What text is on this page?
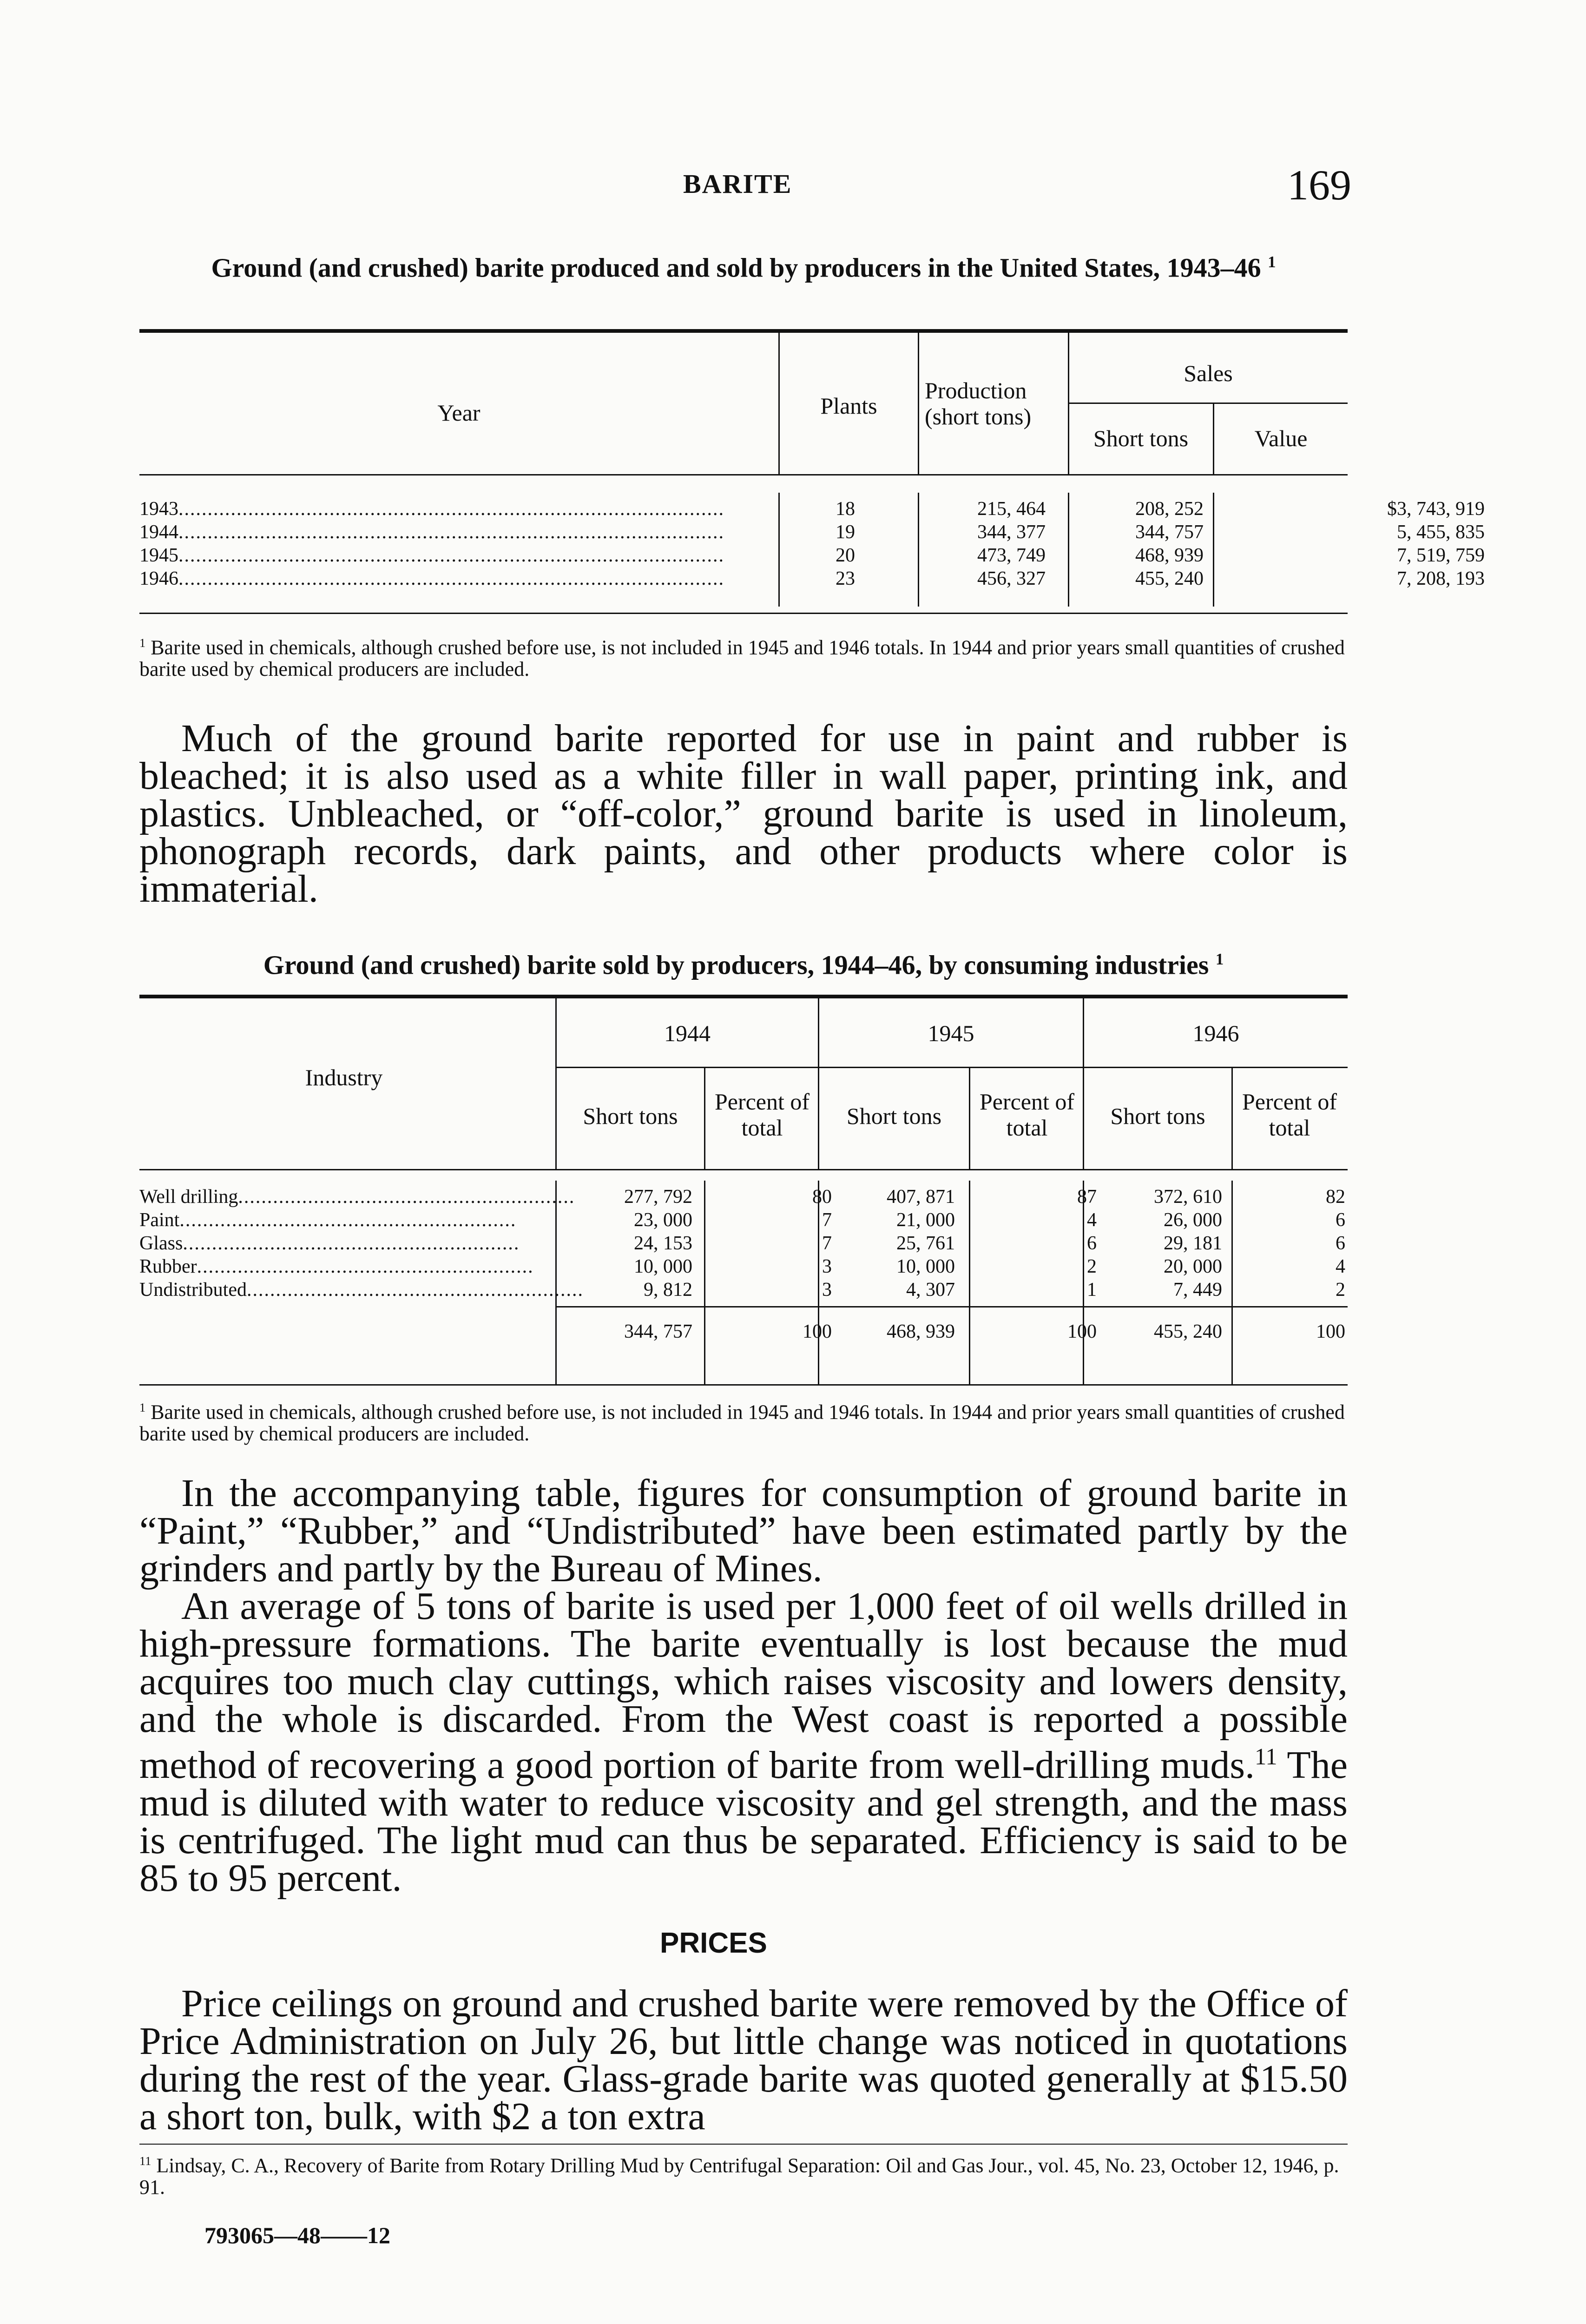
BARITE	169
Ground (and crushed) barite produced and sold by producers in the United States, 1943–46 $^1$
Year	Plants
Production (short tons)
Sales
Short tons	Value
1943..............................................................................................	18	215, 464	208, 252	$3, 743, 919
1944..............................................................................................	19	344, 377	344, 757	5, 455, 835
1945..............................................................................................	20	473, 749	468, 939	7, 519, 759
1946..............................................................................................	23	456, 327	455, 240	7, 208, 193
$^1$ Barite used in chemicals, although crushed before use, is not included in 1945 and 1946 totals. In 1944 and prior years small quantities of crushed barite used by chemical producers are included.
Much of the ground barite reported for use in paint and rubber is bleached; it is also used as a white filler in wall paper, printing ink, and plastics. Unbleached, or “off-color,” ground barite is used in linoleum, phonograph records, dark paints, and other products where color is immaterial.
Ground (and crushed) barite sold by producers, 1944–46, by consuming industries $^1$
Industry
1944	1945	1946
Short tons
Percent of total	Short tons
Percent of total	Short tons
Percent of total
Well drilling..........................................................	277, 792	80	407, 871	87	372, 610	82
Paint..........................................................	23, 000	7	21, 000	4	26, 000	6
Glass..........................................................	24, 153	7	25, 761	6	29, 181	6
Rubber..........................................................	10, 000	3	10, 000	2	20, 000	4
Undistributed..........................................................	9, 812	3	4, 307	1	7, 449	2
344, 757	100	468, 939	100	455, 240	100
$^1$ Barite used in chemicals, although crushed before use, is not included in 1945 and 1946 totals. In 1944 and prior years small quantities of crushed barite used by chemical producers are included.
In the accompanying table, figures for consumption of ground barite in “Paint,” “Rubber,” and “Undistributed” have been estimated partly by the grinders and partly by the Bureau of Mines.
An average of 5 tons of barite is used per 1,000 feet of oil wells drilled in high-pressure formations. The barite eventually is lost because the mud acquires too much clay cuttings, which raises viscosity and lowers density, and the whole is discarded. From the West coast is reported a possible method of recovering a good portion of barite from well-drilling muds.$^{11}$ The mud is diluted with water to reduce viscosity and gel strength, and the mass is centrifuged. The light mud can thus be separated. Efficiency is said to be 85 to 95 percent.
PRICES
Price ceilings on ground and crushed barite were removed by the Office of Price Administration on July 26, but little change was noticed in quotations during the rest of the year. Glass-grade barite was quoted generally at $15.50 a short ton, bulk, with $2 a ton extra
$^{11}$ Lindsay, C. A., Recovery of Barite from Rotary Drilling Mud by Centrifugal Separation: Oil and Gas Jour., vol. 45, No. 23, October 12, 1946, p. 91.
793065—48——12
